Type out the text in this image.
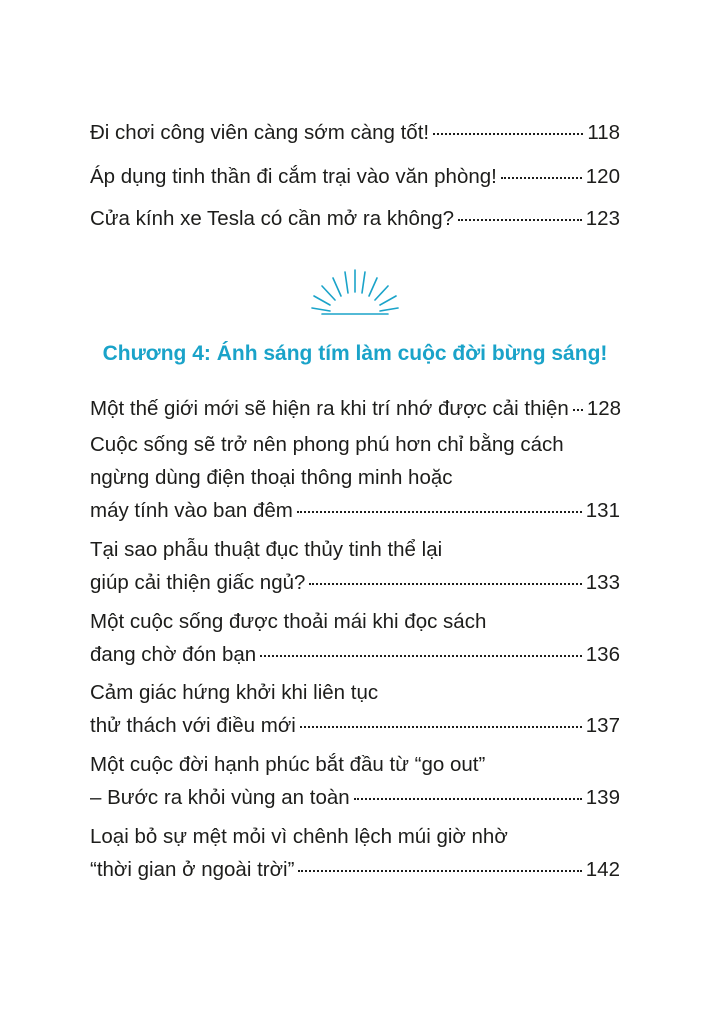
Đi chơi công viên càng sớm càng tốt!	118
Áp dụng tinh thần đi cắm trại vào văn phòng!	120
Cửa kính xe Tesla có cần mở ra không?	123
Chương 4: Ánh sáng tím làm cuộc đời bừng sáng!
Một thế giới mới sẽ hiện ra khi trí nhớ được cải thiện 128
Cuộc sống sẽ trở nên phong phú hơn chỉ bằng cách
ngừng dùng điện thoại thông minh hoặc
máy tính vào ban đêm	131
Tại sao phẫu thuật đục thủy tinh thể lại
giúp cải thiện giấc ngủ?	133
Một cuộc sống được thoải mái khi đọc sách
đang chờ đón bạn	136
Cảm giác hứng khởi khi liên tục
thử thách với điều mới	137
Một cuộc đời hạnh phúc bắt đầu từ “go out”
– Bước ra khỏi vùng an toàn	139
Loại bỏ sự mệt mỏi vì chênh lệch múi giờ nhờ
“thời gian ở ngoài trời”	142
